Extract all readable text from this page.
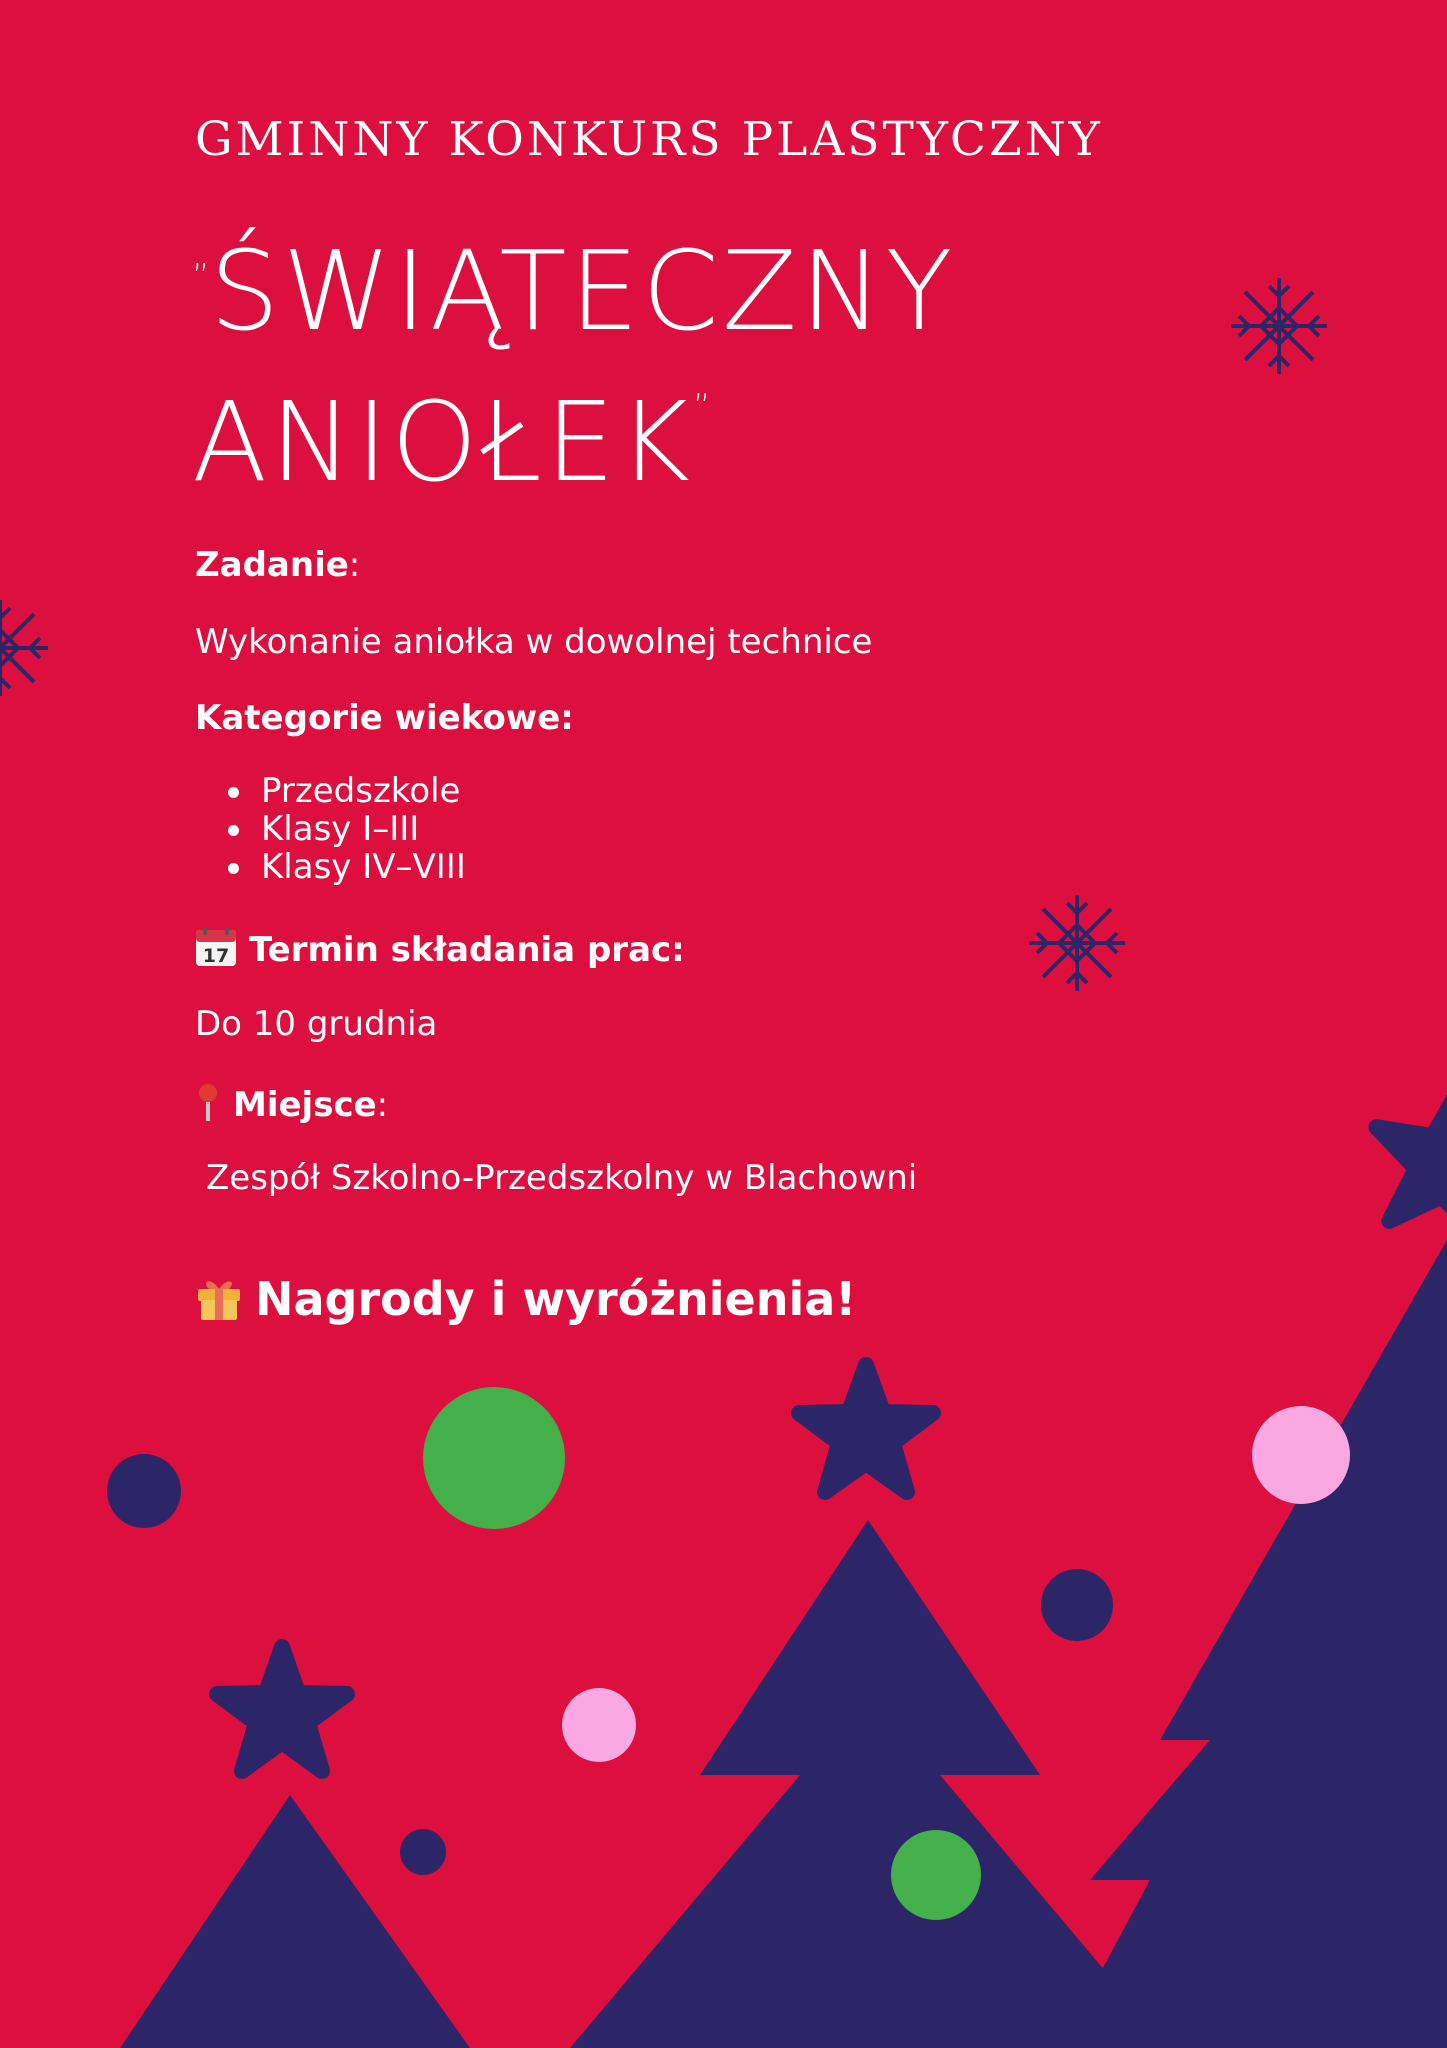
GMINNY KONKURS PLASTYCZNY
„ŚWIĄTECZNY
ANIOŁEK”
Zadanie:
Wykonanie aniołka w dowolnej technice
Kategorie wiekowe:
Przedszkole
Klasy I–III
Klasy IV–VIII
17 Termin składania prac:
Do 10 grudnia
Miejsce:
Zespół Szkolno-Przedszkolny w Blachowni
Nagrody i wyróżnienia!
